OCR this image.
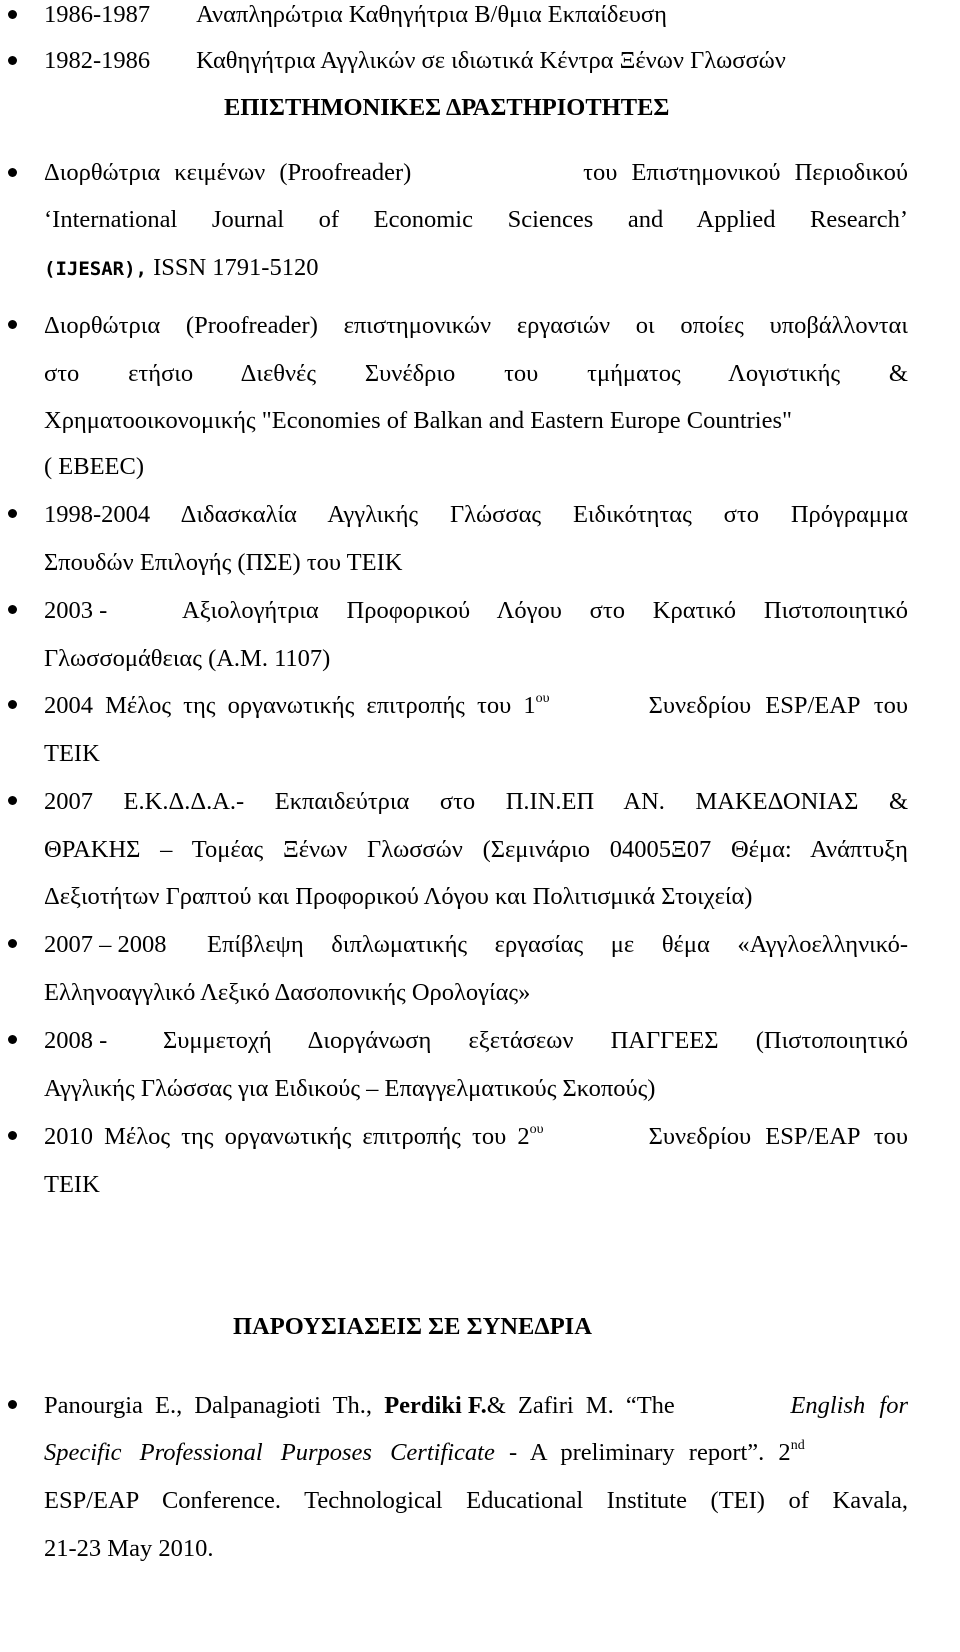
1986-1987 Αναπληρώτρια Καθηγήτρια Β/θμια Εκπαίδευση
1982-1986 Καθηγήτρια Αγγλικών σε ιδιωτικά Κέντρα Ξένων Γλωσσών
ΕΠΙΣΤΗΜΟΝΙΚΕΣ ΔΡΑΣΤΗΡΙΟΤΗΤΕΣ
Διορθώτρια κειμένων (Proofreader)	του Επιστημονικού Περιοδικού
‘International Journal of Economic Sciences and Applied Research’
(IJESAR), ISSN 1791-5120
Διορθώτρια (Proofreader) επιστημονικών εργασιών οι οποίες υποβάλλονται
στο ετήσιο Διεθνές Συνέδριο του τμήματος Λογιστικής &
Χρηματοοικονομικής "Economies of Balkan and Eastern Europe Countries"
( EBEEC)
1998-2004 Διδασκαλία Αγγλικής Γλώσσας Ειδικότητας στο Πρόγραμμα
Σπουδών Επιλογής (ΠΣΕ) του ΤΕΙΚ
2003 -	Αξιολογήτρια Προφορικού Λόγου στο Κρατικό Πιστοποιητικό
Γλωσσομάθειας (Α.Μ. 1107)
2004 Μέλος της οργανωτικής επιτροπής του $1^{o\upsilon}$	Συνεδρίου ESP/EAP του
ΤΕΙΚ
2007 Ε.Κ.Δ.Δ.Α.- Εκπαιδεύτρια στο Π.ΙΝ.ΕΠ ΑΝ. ΜΑΚΕΔΟΝΙΑΣ &
ΘΡΑΚΗΣ – Τομέας Ξένων Γλωσσών (Σεμινάριο 04005Ξ07 Θέμα: Ανάπτυξη
Δεξιοτήτων Γραπτού και Προφορικού Λόγου και Πολιτισμικά Στοιχεία)
2007 – 2008 Επίβλεψη διπλωματικής εργασίας με θέμα «Αγγλοελληνικό-
Ελληνοαγγλικό Λεξικό Δασοπονικής Ορολογίας»
2008 - Συμμετοχή Διοργάνωση εξετάσεων ΠΑΓΓΕΕΣ (Πιστοποιητικό
Αγγλικής Γλώσσας για Ειδικούς – Επαγγελματικούς Σκοπούς)
2010 Μέλος της οργανωτικής επιτροπής του $2^{o\upsilon}$	Συνεδρίου ESP/EAP του
ΤΕΙΚ
ΠΑΡΟΥΣΙΑΣΕΙΣ ΣΕ ΣΥΝΕΔΡΙΑ
Panourgia E., Dalpanagioti Th., Perdiki F.& Zafiri M. “The	English for
Specific Professional Purposes Certificate - A preliminary report”. 2nd
ESP/EAP Conference. Technological Educational Institute (TEI) of Kavala,
21-23 May 2010.
